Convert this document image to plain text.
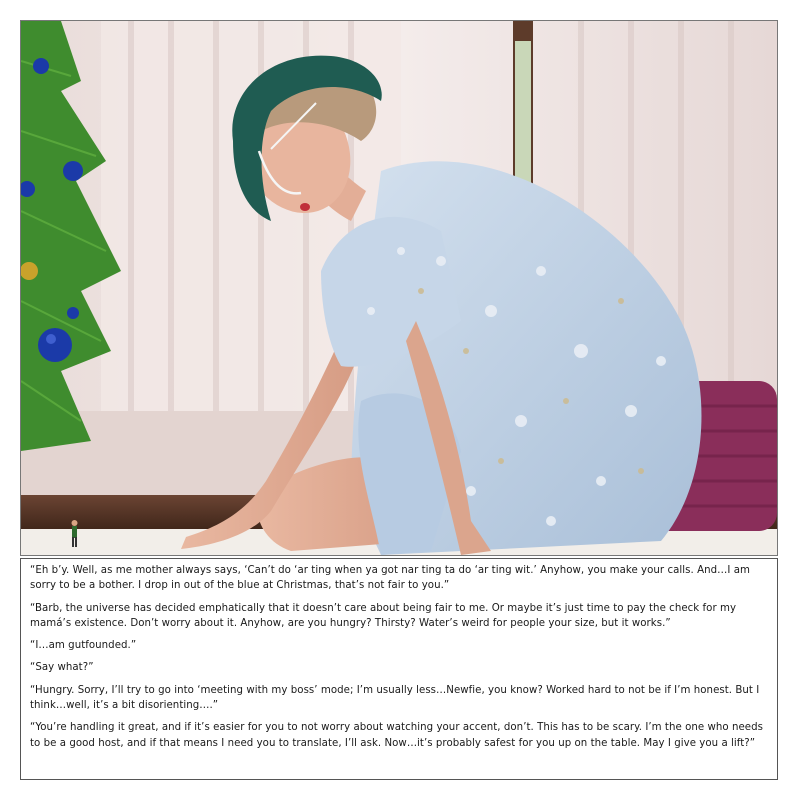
“Eh b’y. Well, as me mother always says, ‘Can’t do ‘ar ting when ya got nar ting ta do ‘ar ting wit.’ Anyhow, you make your calls. And…I am sorry to be a bother. I drop in out of the blue at Christmas, that’s not fair to you.”

“Barb, the universe has decided emphatically that it doesn’t care about being fair to me. Or maybe it’s just time to pay the check for my mamá’s existence. Don’t worry about it. Anyhow, are you hungry? Thirsty? Water’s weird for people your size, but it works.”

“I…am gutfounded.”

“Say what?”

“Hungry. Sorry, I’ll try to go into ‘meeting with my boss’ mode; I’m usually less…Newfie, you know? Worked hard to not be if I’m honest. But I think…well, it’s a bit disorienting….”

“You’re handling it great, and if it’s easier for you to not worry about watching your accent, don’t. This has to be scary. I’m the one who needs to be a good host, and if that means I need you to translate, I’ll ask. Now…it’s probably safest for you up on the table. May I give you a lift?”
